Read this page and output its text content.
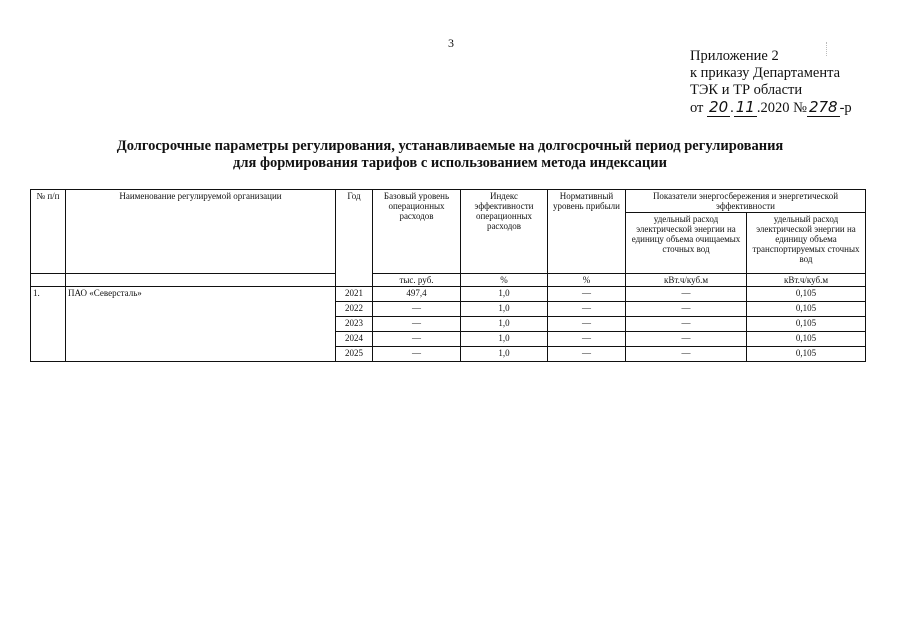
3
Приложение 2
к приказу Департамента
ТЭК и ТР области
от 20 . 11 .2020 № 278 -р
Долгосрочные параметры регулирования, устанавливаемые на долгосрочный период регулирования
для формирования тарифов с использованием метода индексации
№ п/п	Наименование регулируемой организации	Год	Базовый уровень операционных расходов	Индекс эффективности операционных расходов	Нормативный уровень прибыли	Показатели энергосбережения и энергетической эффективности	
						удельный расход электрической энергии на единицу объема очищаемых сточных вод	удельный расход электрической энергии на единицу объема транспортируемых сточных вод
			тыс. руб.	%	%	кВт.ч/куб.м	кВт.ч/куб.м
1.	ПАО «Северсталь»	2021	497,4	1,0	—	—	0,105
		2022	—	1,0	—	—	0,105
		2023	—	1,0	—	—	0,105
		2024	—	1,0	—	—	0,105
		2025	—	1,0	—	—	0,105
